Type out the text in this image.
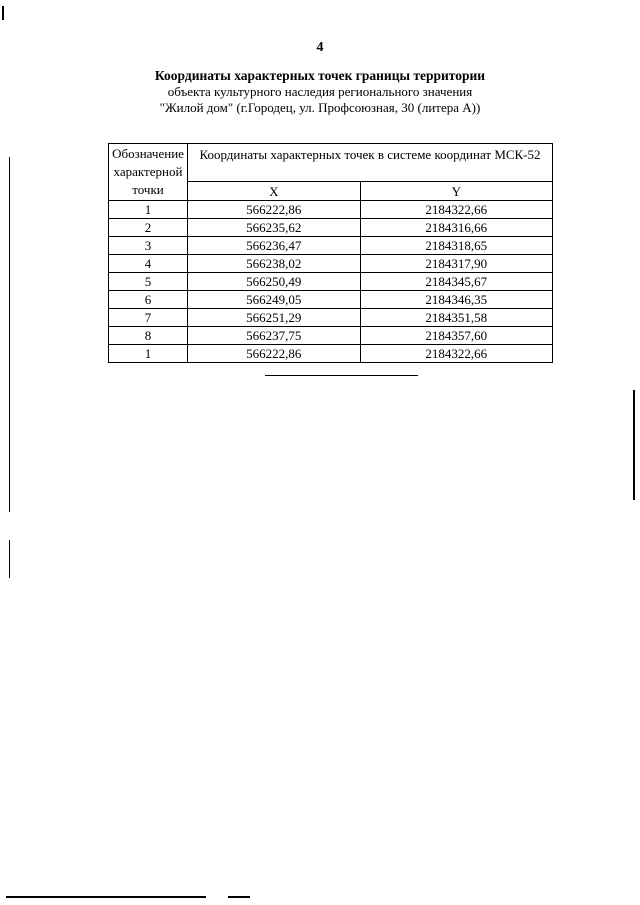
4
Координаты характерных точек границы территории
объекта культурного наследия регионального значения
"Жилой дом" (г.Городец, ул. Профсоюзная, 30 (литера А))
Обозначение характерной точки	Координаты характерных точек в системе координат МСК-52	
	X	Y
1	566222,86	2184322,66
2	566235,62	2184316,66
3	566236,47	2184318,65
4	566238,02	2184317,90
5	566250,49	2184345,67
6	566249,05	2184346,35
7	566251,29	2184351,58
8	566237,75	2184357,60
1	566222,86	2184322,66
